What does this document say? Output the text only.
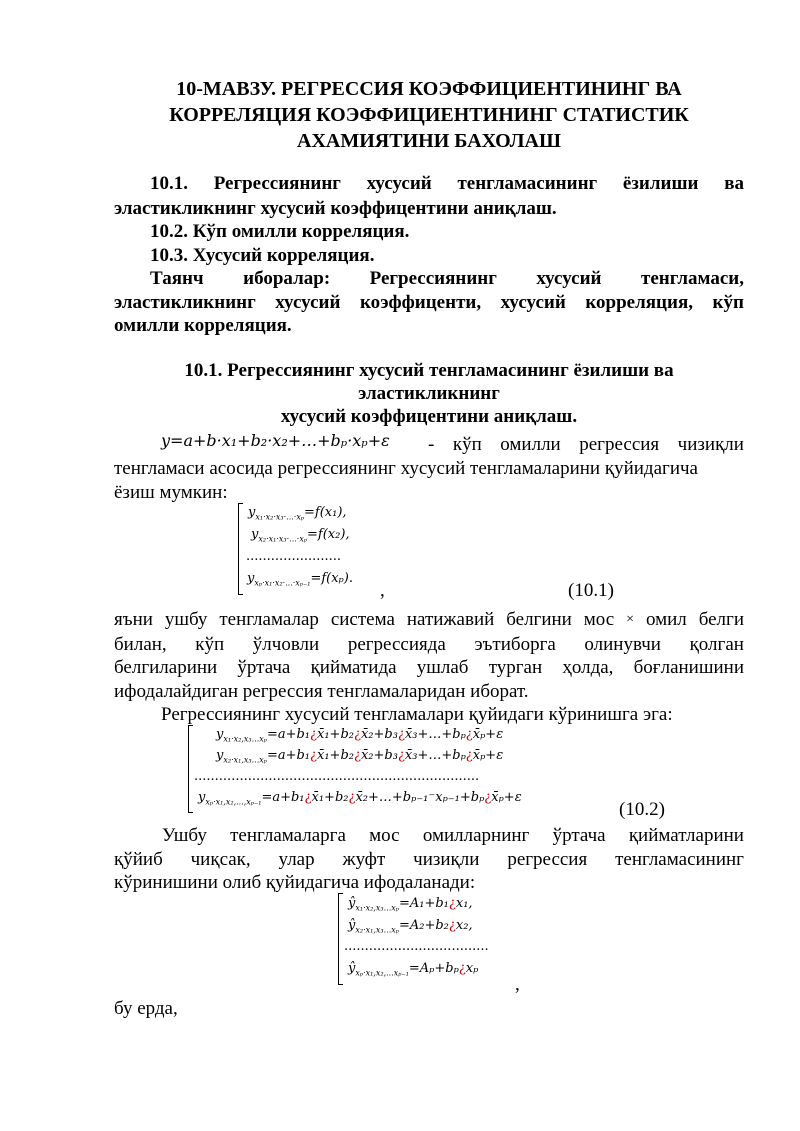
10-МАВЗУ. РЕГРЕССИЯ КОЭФФИЦИЕНТИНИНГ ВА
КОРРЕЛЯЦИЯ КОЭФФИЦИЕНТИНИНГ СТАТИСТИК
АХАМИЯТИНИ БАХОЛАШ
10.1. Регрессиянинг хусусий тенгламасининг ёзилиши ва
эластикликнинг хусусий коэффицентини аниқлаш.
10.2. Кўп омилли корреляция.
10.3. Хусусий корреляция.
Таянч иборалар: Регрессиянинг хусусий тенгламаси,
эластикликнинг хусусий коэффиценти, хусусий корреляция, кўп
омилли корреляция.
10.1. Регрессиянинг хусусий тенгламасининг ёзилиши ва
эластикликнинг
хусусий коэффицентини аниқлаш.
y=a+b·x₁+b₂·x₂+…+bₚ·xₚ+ε - кўп омилли регрессия чизиқли
тенгламаси асосида регрессиянинг хусусий тенгламаларини қуйидагича
ёзиш мумкин:
$y_{x_1\cdot x_2\cdot x_3\cdot...\cdot x_p}=f(x_1)$,
$y_{x_2\cdot x_1\cdot x_3\cdot...\cdot x_p}=f(x_2)$,
.......................
$y_{x_p\cdot x_1\cdot x_2\cdot...\cdot x_{p-1}}=f(x_p)$.
,	(10.1)
яъни ушбу тенгламалар система натижавий белгини мос × омил белги
билан, кўп ўлчовли регрессияда эътиборга олинувчи қолган
белгиларини ўртача қийматида ушлаб турган ҳолда, боғланишини
ифодалайдиган регрессия тенгламаларидан иборат.
Регрессиянинг хусусий тенгламалари қуйидаги кўринишга эга:
$y_{x_1\cdot x_2,x_3...x_p}=a+b_1¿x̄_1+b_2¿x̄_2+b_3¿x̄_3+\dots+b_p¿x̄_p+\varepsilon$
$y_{x_2\cdot x_1,x_3...x_p}=a+b_1¿x̄_1+b_2¿x̄_2+b_3¿x̄_3+\dots+b_p¿x̄_p+\varepsilon$
.....................................................................
$y_{x_p\cdot x_1,x_2,...,x_{p-1}}=a+b_1¿x̄_1+b_2¿x̄_2+\dots+b_{p-1}^-x_{p-1}+b_p¿x̄_p+\varepsilon$
(10.2)
Ушбу тенгламаларга мос омилларнинг ўртача қийматларини
қўйиб чиқсак, улар жуфт чизиқли регрессия тенгламасининг
кўринишини олиб қуйидагича ифодаланади:
$ŷ_{x_1\cdot x_2,x_3...x_p}=A_1+b_1¿x_1$,
$ŷ_{x_2\cdot x_1,x_3...x_p}=A_2+b_2¿x_2$,
...................................
$ŷ_{x_p\cdot x_1,x_2,...x_{p-1}}=A_p+b_p¿x_p$
,
бу ерда,
